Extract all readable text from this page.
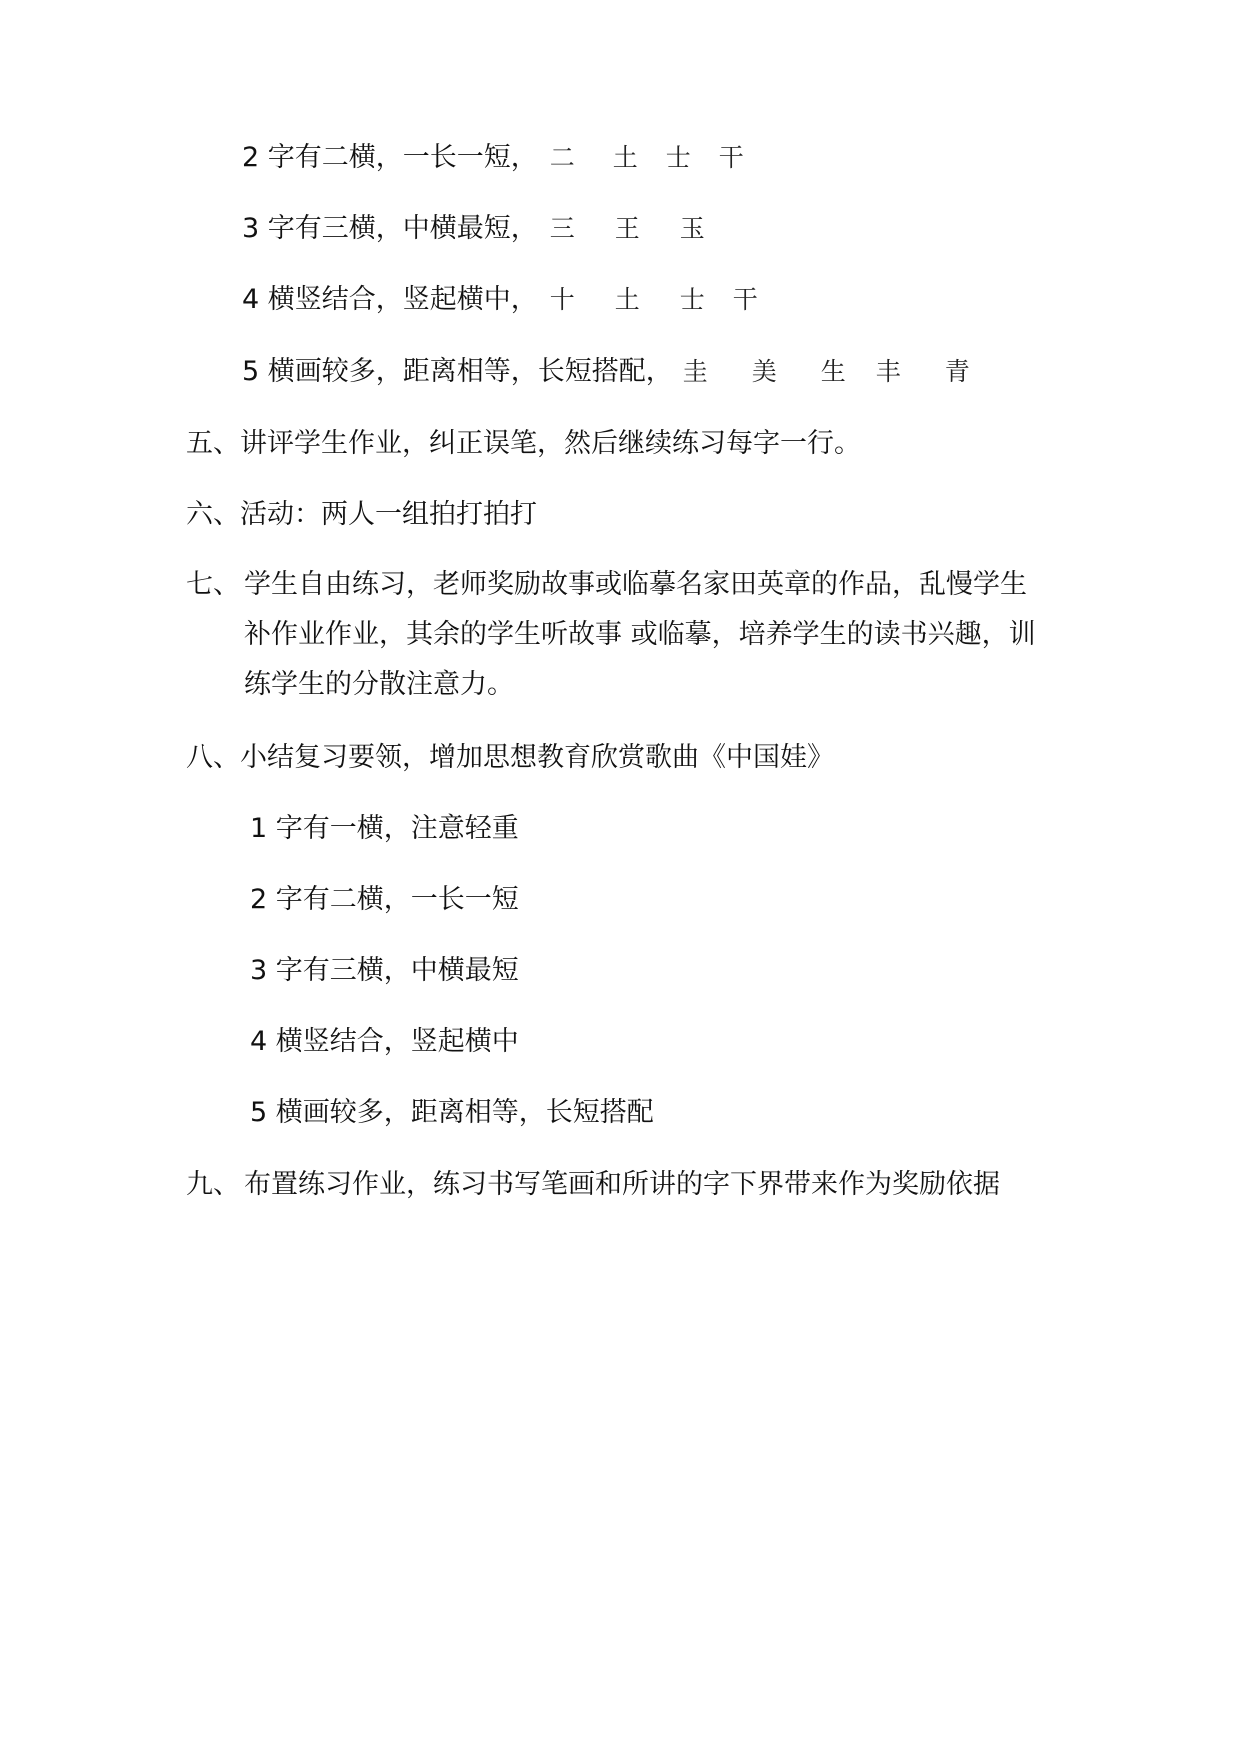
2 字有二横，一长一短， 二 土 士 干

3 字有三横，中横最短， 三 王 玉

4 横竖结合，竖起横中， 十 土 士 干

5 横画较多，距离相等，长短搭配， 圭 美 生 丰 青

五、讲评学生作业，纠正误笔，然后继续练习每字一行。

六、活动：两人一组拍打拍打

七、 学生自由练习，老师奖励故事或临摹名家田英章的作品，乱慢学生补作业作业，其余的学生听故事 或临摹，培养学生的读书兴趣，训练学生的分散注意力。

八、小结复习要领，增加思想教育欣赏歌曲《中国娃》

1 字有一横，注意轻重

2 字有二横，一长一短

3 字有三横，中横最短

4 横竖结合，竖起横中

5 横画较多，距离相等，长短搭配

九、 布置练习作业，练习书写笔画和所讲的字下界带来作为奖励依据
